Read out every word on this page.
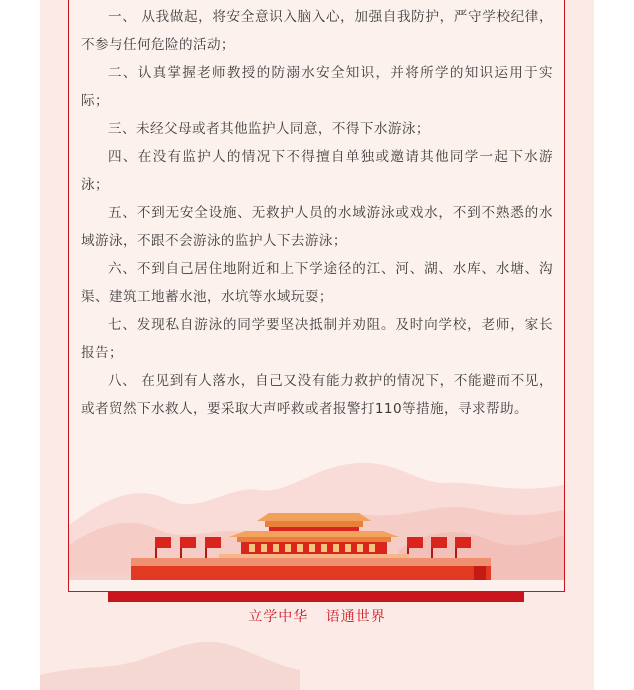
一、 从我做起，将安全意识入脑入心，加强自我防护，严守学校纪律，不参与任何危险的活动；

二、认真掌握老师教授的防溺水安全知识，并将所学的知识运用于实际；

三、未经父母或者其他监护人同意，不得下水游泳；

四、在没有监护人的情况下不得擅自单独或邀请其他同学一起下水游泳；

五、不到无安全设施、无救护人员的水域游泳或戏水，不到不熟悉的水域游泳，不跟不会游泳的监护人下去游泳；

六、不到自己居住地附近和上下学途径的江、河、湖、水库、水塘、沟渠、建筑工地蓄水池，水坑等水域玩耍；

七、发现私自游泳的同学要坚决抵制并劝阻。及时向学校，老师，家长报告；

八、 在见到有人落水，自己又没有能力救护的情况下，不能避而不见，或者贸然下水救人，要采取大声呼救或者报警打110等措施，寻求帮助。

立学中华 语通世界
